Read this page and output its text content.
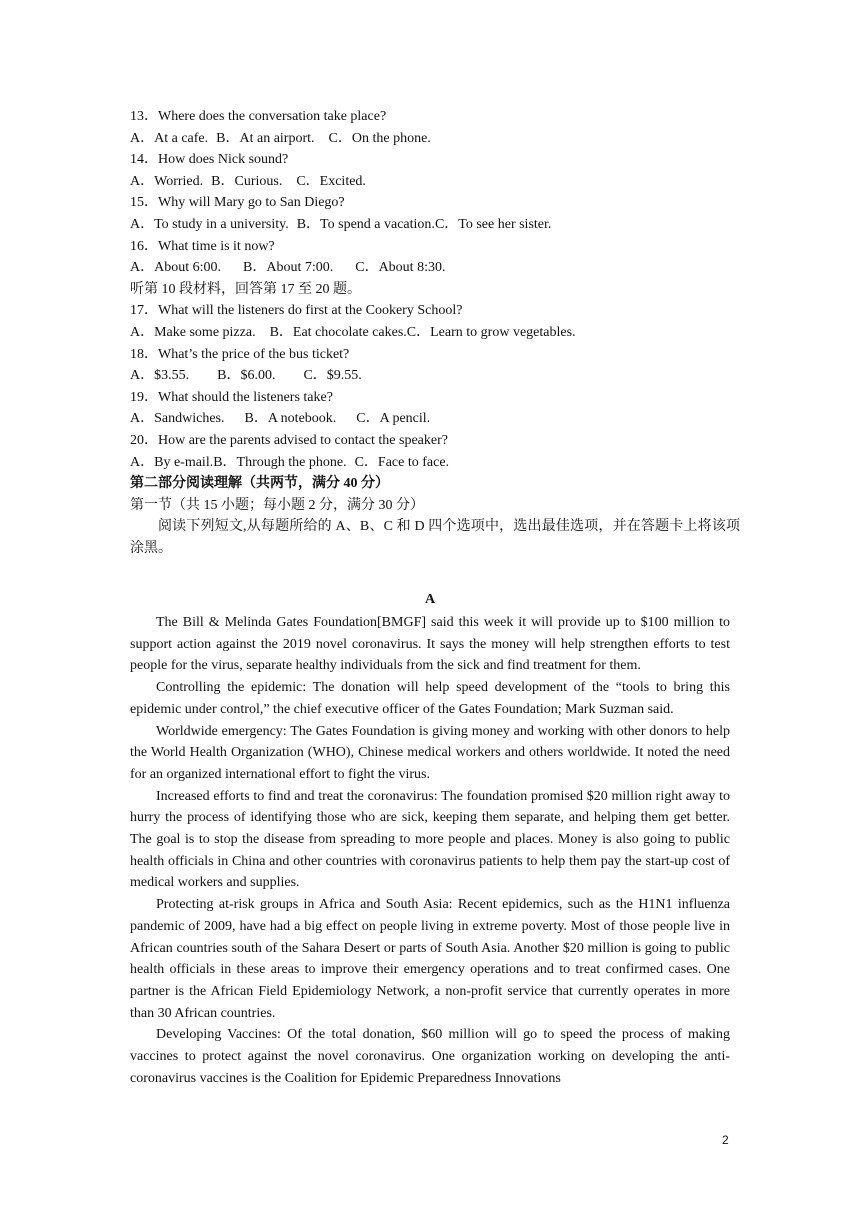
13．Where does the conversation take place?
A．At a cafe. B．At an airport. C．On the phone.
14．How does Nick sound?
A．Worried. B．Curious. C．Excited.
15．Why will Mary go to San Diego?
A．To study in a university. B．To spend a vacation.C．To see her sister.
16．What time is it now?
A．About 6:00. B．About 7:00. C．About 8:30.
听第 10 段材料，回答第 17 至 20 题。
17．What will the listeners do first at the Cookery School?
A．Make some pizza. B．Eat chocolate cakes.C．Learn to grow vegetables.
18．What’s the price of the bus ticket?
A．$3.55. B．$6.00. C．$9.55.
19．What should the listeners take?
A．Sandwiches. B．A notebook. C．A pencil.
20．How are the parents advised to contact the speaker?
A．By e-mail.B．Through the phone. C．Face to face.
第二部分阅读理解（共两节，满分 40 分）
第一节（共 15 小题；每小题 2 分，满分 30 分）
阅读下列短文,从每题所给的 A、B、C 和 D 四个选项中，选出最佳选项，并在答题卡上将该项涂黑。
A

The Bill & Melinda Gates Foundation[BMGF] said this week it will provide up to $100 million to support action against the 2019 novel coronavirus. It says the money will help strengthen efforts to test people for the virus, separate healthy individuals from the sick and find treatment for them.

Controlling the epidemic: The donation will help speed development of the “tools to bring this epidemic under control,” the chief executive officer of the Gates Foundation; Mark Suzman said.

Worldwide emergency: The Gates Foundation is giving money and working with other donors to help the World Health Organization (WHO), Chinese medical workers and others worldwide. It noted the need for an organized international effort to fight the virus.

Increased efforts to find and treat the coronavirus: The foundation promised $20 million right away to hurry the process of identifying those who are sick, keeping them separate, and helping them get better. The goal is to stop the disease from spreading to more people and places. Money is also going to public health officials in China and other countries with coronavirus patients to help them pay the start-up cost of medical workers and supplies.

Protecting at-risk groups in Africa and South Asia: Recent epidemics, such as the H1N1 influenza pandemic of 2009, have had a big effect on people living in extreme poverty. Most of those people live in African countries south of the Sahara Desert or parts of South Asia. Another $20 million is going to public health officials in these areas to improve their emergency operations and to treat confirmed cases. One partner is the African Field Epidemiology Network, a non-profit service that currently operates in more than 30 African countries.

Developing Vaccines: Of the total donation, $60 million will go to speed the process of making vaccines to protect against the novel coronavirus. One organization working on developing the anti-coronavirus vaccines is the Coalition for Epidemic Preparedness Innovations

2
